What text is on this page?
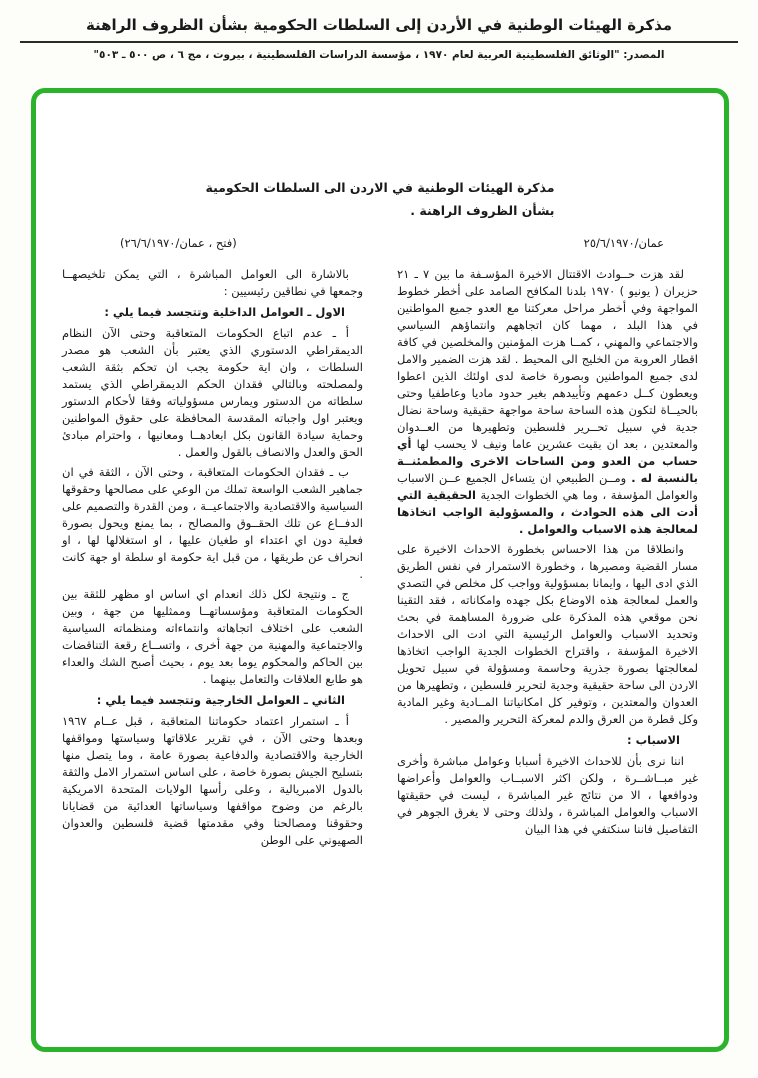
مذكرة الهيئات الوطنية في الأردن إلى السلطات الحكومية بشأن الظروف الراهنة
المصدر: "الوثائق الفلسطينية العربية لعام ١٩٧٠ ، مؤسسة الدراسات الفلسطينية ، بيروت ، مج ٦ ، ص ٥٠٠ ـ ٥٠٣"
مذكرة الهيئات الوطنية في الاردن الى السلطات الحكومية
بشأن الظروف الراهنة .
عمان/٢٥/٦/١٩٧٠
(فتح ، عمان/٢٦/٦/١٩٧٠)

لقد هزت حــوادث الاقتتال الاخيرة المؤسـفة ما بين ٧ ـ ٢١ حزيران ( يونيو ) ١٩٧٠ بلدنا المكافح الصامد على أخطر خطوط المواجهة وفي أخطر مراحل معركتنا مع العدو جميع المواطنين في هذا البلد ، مهما كان اتجاههم وانتماؤهم السياسي والاجتماعي والمهني ، كمــا هزت المؤمنين والمخلصين في كافة اقطار العروبة من الخليج الى المحيط . لقد هزت الضمير والامل لدى جميع المواطنين وبصورة خاصة لدى اولئك الذين اعطوا ويعطون كــل دعمهم وتأييدهم بغير حدود ماديا وعاطفيا وحتى بالحيــاة لتكون هذه الساحة ساحة مواجهة حقيقية وساحة نضال جدية في سبيل تحــرير فلسطين وتطهيرها من العــدوان والمعتدين ، بعد ان بقيت عشرين عاما ونيف لا يحسب لها أي حساب من العدو ومن الساحات الاخرى والمطمئنــة بالنسبة له . ومــن الطبيعي ان يتساءل الجميع عــن الاسباب والعوامل المؤسفة ، وما هي الخطوات الجدية الحقيقية التي أدت الى هذه الحوادث ، والمسؤولية الواجب اتخاذها لمعالجة هذه الاسباب والعوامل .

وانطلاقا من هذا الاحساس بخطورة الاحداث الاخيرة على مسار القضية ومصيرها ، وخطورة الاستمرار في نفس الطريق الذي ادى اليها ، وايمانا بمسؤولية وواجب كل مخلص في التصدي والعمل لمعالجة هذه الاوضاع بكل جهده وامكاناته ، فقد التقينا نحن موقعي هذه المذكرة على ضرورة المساهمة في بحث وتحديد الاسباب والعوامل الرئيسية التي ادت الى الاحداث الاخيرة المؤسفة ، واقتراح الخطوات الجدية الواجب اتخاذها لمعالجتها بصورة جذرية وحاسمة ومسؤولة في سبيل تحويل الاردن الى ساحة حقيقية وجدية لتحرير فلسطين ، وتطهيرها من العدوان والمعتدين ، وتوفير كل امكانياتنا المــادية وغير المادية وكل قطرة من العرق والدم لمعركة التحرير والمصير .

الاسباب :

اننا نرى بأن للاحداث الاخيرة أسبابا وعوامل مباشرة وأخرى غير مبــاشــرة ، ولكن اكثر الاسبــاب والعوامل وأعراضها ودوافعها ، الا من نتائج غير المباشرة ، ليست في حقيقتها الاسباب والعوامل المباشرة ، ولذلك وحتى لا يغرق الجوهر في التفاصيل فاننا سنكتفي في هذا البيان

بالاشارة الى العوامل المباشرة ، التي يمكن تلخيصهــا وجمعها في نطاقين رئيسيين :

الاول ـ العوامل الداخلية وتتجسد فيما يلي :

أ ـ عدم اتباع الحكومات المتعاقبة وحتى الآن النظام الديمقراطي الدستوري الذي يعتبر بأن الشعب هو مصدر السلطات ، وان اية حكومة يجب ان تحكم بثقة الشعب ولمصلحته وبالتالي فقدان الحكم الديمقراطي الذي يستمد سلطاته من الدستور ويمارس مسؤولياته وفقا لأحكام الدستور ويعتبر اول واجباته المقدسة المحافظة على حقوق المواطنين وحماية سيادة القانون بكل ابعادهــا ومعانيها ، واحترام مبادئ الحق والعدل والانصاف بالقول والعمل .

ب ـ فقدان الحكومات المتعاقبة ، وحتى الآن ، الثقة في ان جماهير الشعب الواسعة تملك من الوعي على مصالحها وحقوقها السياسية والاقتصادية والاجتماعيــة ، ومن القدرة والتصميم على الدفــاع عن تلك الحقــوق والمصالح ، بما يمنع ويحول بصورة فعلية دون اي اعتداء او طغيان عليها ، او استغلالها لها ، او انحراف عن طريقها ، من قبل اية حكومة او سلطة او جهة كانت .

ج ـ ونتيجة لكل ذلك انعدام اي اساس او مظهر للثقة بين الحكومات المتعاقبة ومؤسساتهــا وممثليها من جهة ، وبين الشعب على اختلاف اتجاهاته وانتماءاته ومنظماته السياسية والاجتماعية والمهنية من جهة أخرى ، واتســاع رقعة التناقضات بين الحاكم والمحكوم يوما بعد يوم ، بحيث أصبح الشك والعداء هو طابع العلاقات والتعامل بينهما .

الثاني ـ العوامل الخارجية وتتجسد فيما يلي :

أ ـ استمرار اعتماد حكوماتنا المتعاقبة ، قبل عــام ١٩٦٧ وبعدها وحتى الآن ، في تقرير علاقاتها وسياستها ومواقفها الخارجية والاقتصادية والدفاعية بصورة عامة ، وما يتصل منها بتسليح الجيش بصورة خاصة ، على اساس استمرار الامل والثقة بالدول الامبريالية ، وعلى رأسها الولايات المتحدة الامريكية بالرغم من وضوح مواقفها وسياساتها العدائية من قضايانا وحقوقنا ومصالحنا وفي مقدمتها قضية فلسطين والعدوان الصهيوني على الوطن
